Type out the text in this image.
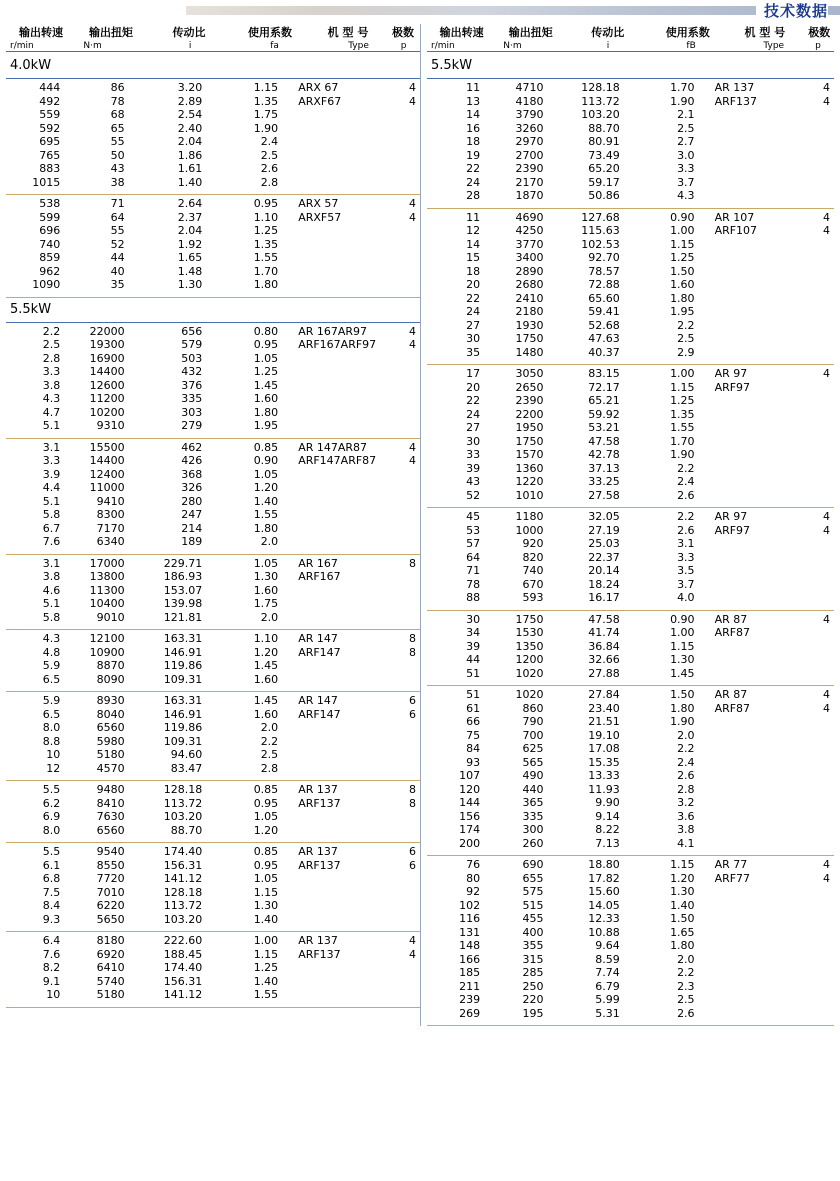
技术数据
输出转速	输出扭矩	传动比	使用系数	机 型 号	极数
r/min	N·m	i	fa	Type	p
4.0kW
444	86	3.20	1.15	ARX 67	4
492	78	2.89	1.35	ARXF67	4
559	68	2.54	1.75
592	65	2.40	1.90
695	55	2.04	2.4
765	50	1.86	2.5
883	43	1.61	2.6
1015	38	1.40	2.8
538	71	2.64	0.95	ARX 57	4
599	64	2.37	1.10	ARXF57	4
696	55	2.04	1.25
740	52	1.92	1.35
859	44	1.65	1.55
962	40	1.48	1.70
1090	35	1.30	1.80
5.5kW
2.2	22000	656	0.80	AR 167AR97	4
2.5	19300	579	0.95	ARF167ARF97	4
2.8	16900	503	1.05
3.3	14400	432	1.25
3.8	12600	376	1.45
4.3	11200	335	1.60
4.7	10200	303	1.80
5.1	9310	279	1.95
3.1	15500	462	0.85	AR 147AR87	4
3.3	14400	426	0.90	ARF147ARF87	4
3.9	12400	368	1.05
4.4	11000	326	1.20
5.1	9410	280	1.40
5.8	8300	247	1.55
6.7	7170	214	1.80
7.6	6340	189	2.0
3.1	17000	229.71	1.05	AR 167	8
3.8	13800	186.93	1.30	ARF167
4.6	11300	153.07	1.60
5.1	10400	139.98	1.75
5.8	9010	121.81	2.0
4.3	12100	163.31	1.10	AR 147	8
4.8	10900	146.91	1.20	ARF147	8
5.9	8870	119.86	1.45
6.5	8090	109.31	1.60
5.9	8930	163.31	1.45	AR 147	6
6.5	8040	146.91	1.60	ARF147	6
8.0	6560	119.86	2.0
8.8	5980	109.31	2.2
10	5180	94.60	2.5
12	4570	83.47	2.8
5.5	9480	128.18	0.85	AR 137	8
6.2	8410	113.72	0.95	ARF137	8
6.9	7630	103.20	1.05
8.0	6560	88.70	1.20
5.5	9540	174.40	0.85	AR 137	6
6.1	8550	156.31	0.95	ARF137	6
6.8	7720	141.12	1.05
7.5	7010	128.18	1.15
8.4	6220	113.72	1.30
9.3	5650	103.20	1.40
6.4	8180	222.60	1.00	AR 137	4
7.6	6920	188.45	1.15	ARF137	4
8.2	6410	174.40	1.25
9.1	5740	156.31	1.40
10	5180	141.12	1.55
输出转速	输出扭矩	传动比	使用系数	机 型 号	极数
r/min	N·m	i	fB	Type	p
5.5kW
11	4710	128.18	1.70	AR 137	4
13	4180	113.72	1.90	ARF137	4
14	3790	103.20	2.1
16	3260	88.70	2.5
18	2970	80.91	2.7
19	2700	73.49	3.0
22	2390	65.20	3.3
24	2170	59.17	3.7
28	1870	50.86	4.3
11	4690	127.68	0.90	AR 107	4
12	4250	115.63	1.00	ARF107	4
14	3770	102.53	1.15
15	3400	92.70	1.25
18	2890	78.57	1.50
20	2680	72.88	1.60
22	2410	65.60	1.80
24	2180	59.41	1.95
27	1930	52.68	2.2
30	1750	47.63	2.5
35	1480	40.37	2.9
17	3050	83.15	1.00	AR 97	4
20	2650	72.17	1.15	ARF97
22	2390	65.21	1.25
24	2200	59.92	1.35
27	1950	53.21	1.55
30	1750	47.58	1.70
33	1570	42.78	1.90
39	1360	37.13	2.2
43	1220	33.25	2.4
52	1010	27.58	2.6
45	1180	32.05	2.2	AR 97	4
53	1000	27.19	2.6	ARF97	4
57	920	25.03	3.1
64	820	22.37	3.3
71	740	20.14	3.5
78	670	18.24	3.7
88	593	16.17	4.0
30	1750	47.58	0.90	AR 87	4
34	1530	41.74	1.00	ARF87
39	1350	36.84	1.15
44	1200	32.66	1.30
51	1020	27.88	1.45
51	1020	27.84	1.50	AR 87	4
61	860	23.40	1.80	ARF87	4
66	790	21.51	1.90
75	700	19.10	2.0
84	625	17.08	2.2
93	565	15.35	2.4
107	490	13.33	2.6
120	440	11.93	2.8
144	365	9.90	3.2
156	335	9.14	3.6
174	300	8.22	3.8
200	260	7.13	4.1
76	690	18.80	1.15	AR 77	4
80	655	17.82	1.20	ARF77	4
92	575	15.60	1.30
102	515	14.05	1.40
116	455	12.33	1.50
131	400	10.88	1.65
148	355	9.64	1.80
166	315	8.59	2.0
185	285	7.74	2.2
211	250	6.79	2.3
239	220	5.99	2.5
269	195	5.31	2.6
